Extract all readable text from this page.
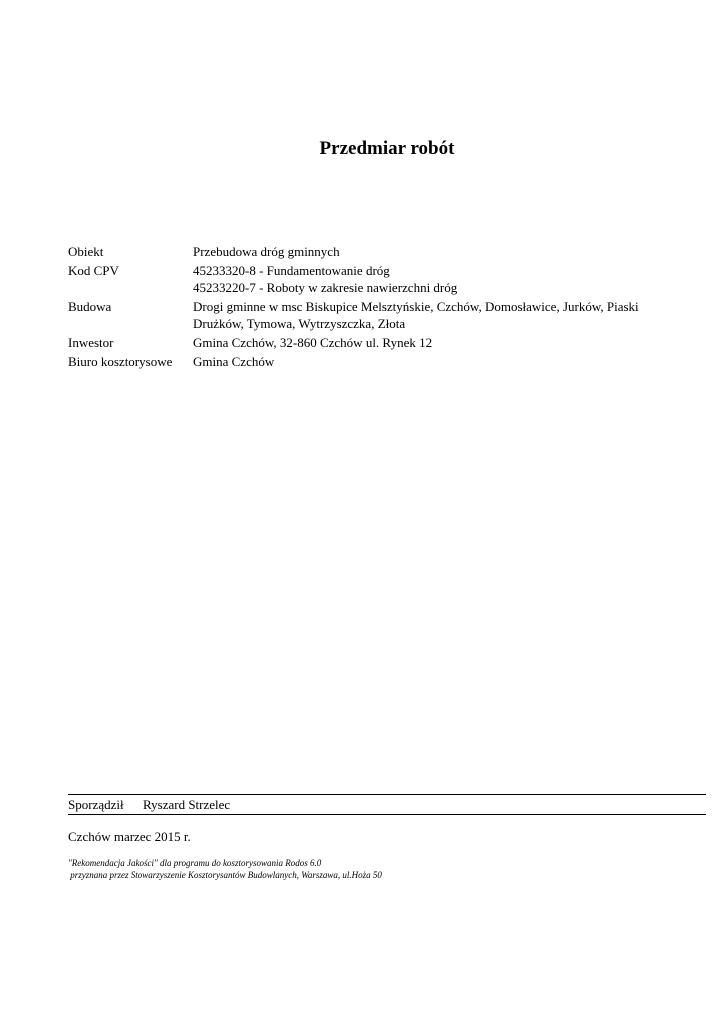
Przedmiar robót
Obiekt	Przebudowa dróg gminnych
Kod CPV	45233320-8 - Fundamentowanie dróg
45233220-7 - Roboty w zakresie nawierzchni dróg
Budowa	Drogi gminne w msc Biskupice Melsztyńskie, Czchów, Domosławice, Jurków, Piaski
Drużków, Tymowa, Wytrzyszczka, Złota
Inwestor	Gmina Czchów, 32-860 Czchów ul. Rynek 12
Biuro kosztorysowe	Gmina Czchów
Sporządził Ryszard Strzelec
Czchów marzec 2015 r.
"Rekomendacja Jakości" dla programu do kosztorysowania Rodos 6.0
przyznana przez Stowarzyszenie Kosztorysantów Budowlanych, Warszawa, ul.Hoża 50
